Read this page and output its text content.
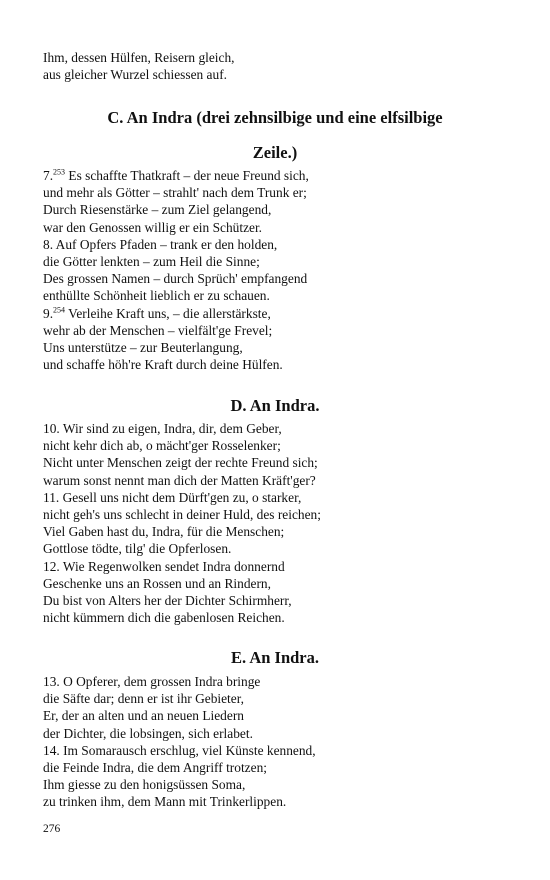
Ihm, dessen Hülfen, Reisern gleich,

aus gleicher Wurzel schiessen auf.

C. An Indra (drei zehnsilbige und eine elfsilbige

Zeile.)

7.$^{253}$ Es schaffte Thatkraft – der neue Freund sich,

und mehr als Götter – strahlt' nach dem Trunk er;

Durch Riesenstärke – zum Ziel gelangend,

war den Genossen willig er ein Schützer.

8. Auf Opfers Pfaden – trank er den holden,

die Götter lenkten – zum Heil die Sinne;

Des grossen Namen – durch Sprüch' empfangend

enthüllte Schönheit lieblich er zu schauen.

9.$^{254}$ Verleihe Kraft uns, – die allerstärkste,

wehr ab der Menschen – vielfält'ge Frevel;

Uns unterstütze – zur Beuterlangung,

und schaffe höh're Kraft durch deine Hülfen.

D. An Indra.

10. Wir sind zu eigen, Indra, dir, dem Geber,

nicht kehr dich ab, o mächt'ger Rosselenker;

Nicht unter Menschen zeigt der rechte Freund sich;

warum sonst nennt man dich der Matten Kräft'ger?

11. Gesell uns nicht dem Dürft'gen zu, o starker,

nicht geh's uns schlecht in deiner Huld, des reichen;

Viel Gaben hast du, Indra, für die Menschen;

Gottlose tödte, tilg' die Opferlosen.

12. Wie Regenwolken sendet Indra donnernd

Geschenke uns an Rossen und an Rindern,

Du bist von Alters her der Dichter Schirmherr,

nicht kümmern dich die gabenlosen Reichen.

E. An Indra.

13. O Opferer, dem grossen Indra bringe

die Säfte dar; denn er ist ihr Gebieter,

Er, der an alten und an neuen Liedern

der Dichter, die lobsingen, sich erlabet.

14. Im Somarausch erschlug, viel Künste kennend,

die Feinde Indra, die dem Angriff trotzen;

Ihm giesse zu den honigsüssen Soma,

zu trinken ihm, dem Mann mit Trinkerlippen.

276
